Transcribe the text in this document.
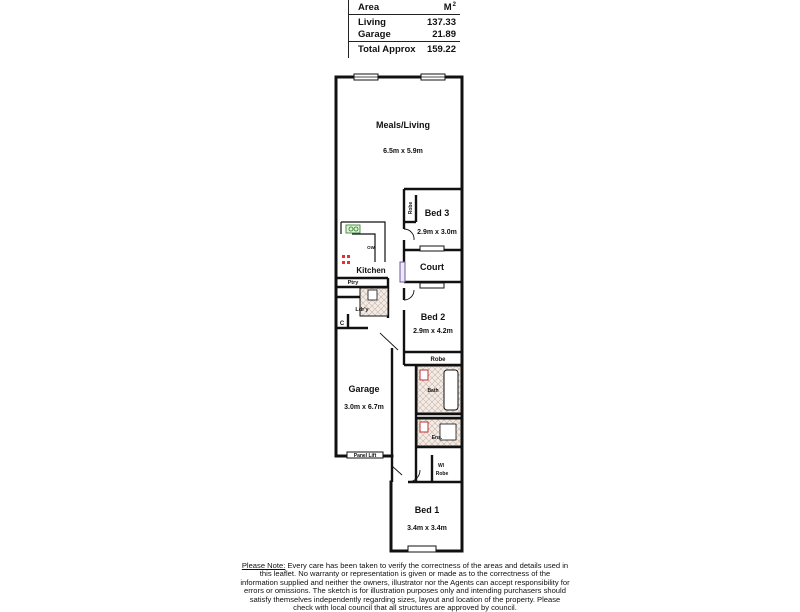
Area	$M^2$
Living	137.33
Garage	21.89
Total Approx 159.22
Meals/Living
6.5m x 5.9m
Bed 3
2.9m x 3.0m
Robe
Kitchen
OW
Court
Ptry
Ldr'y
C
Bed 2
2.9m x 4.2m
Robe
Garage
3.0m x 6.7m
Bath
Ens.
Panel Lift
WI
Robe
Bed 1
3.4m x 3.4m
Please Note: Every care has been taken to verify the correctness of the areas and details used in this leaflet. No warranty or representation is given or made as to the correctness of the information supplied and neither the owners, illustrator nor the Agents can accept responsibility for errors or omissions. The sketch is for illustration purposes only and intending purchasers should satisfy themselves independently regarding sizes, layout and location of the property. Please check with local council that all structures are approved by council.
